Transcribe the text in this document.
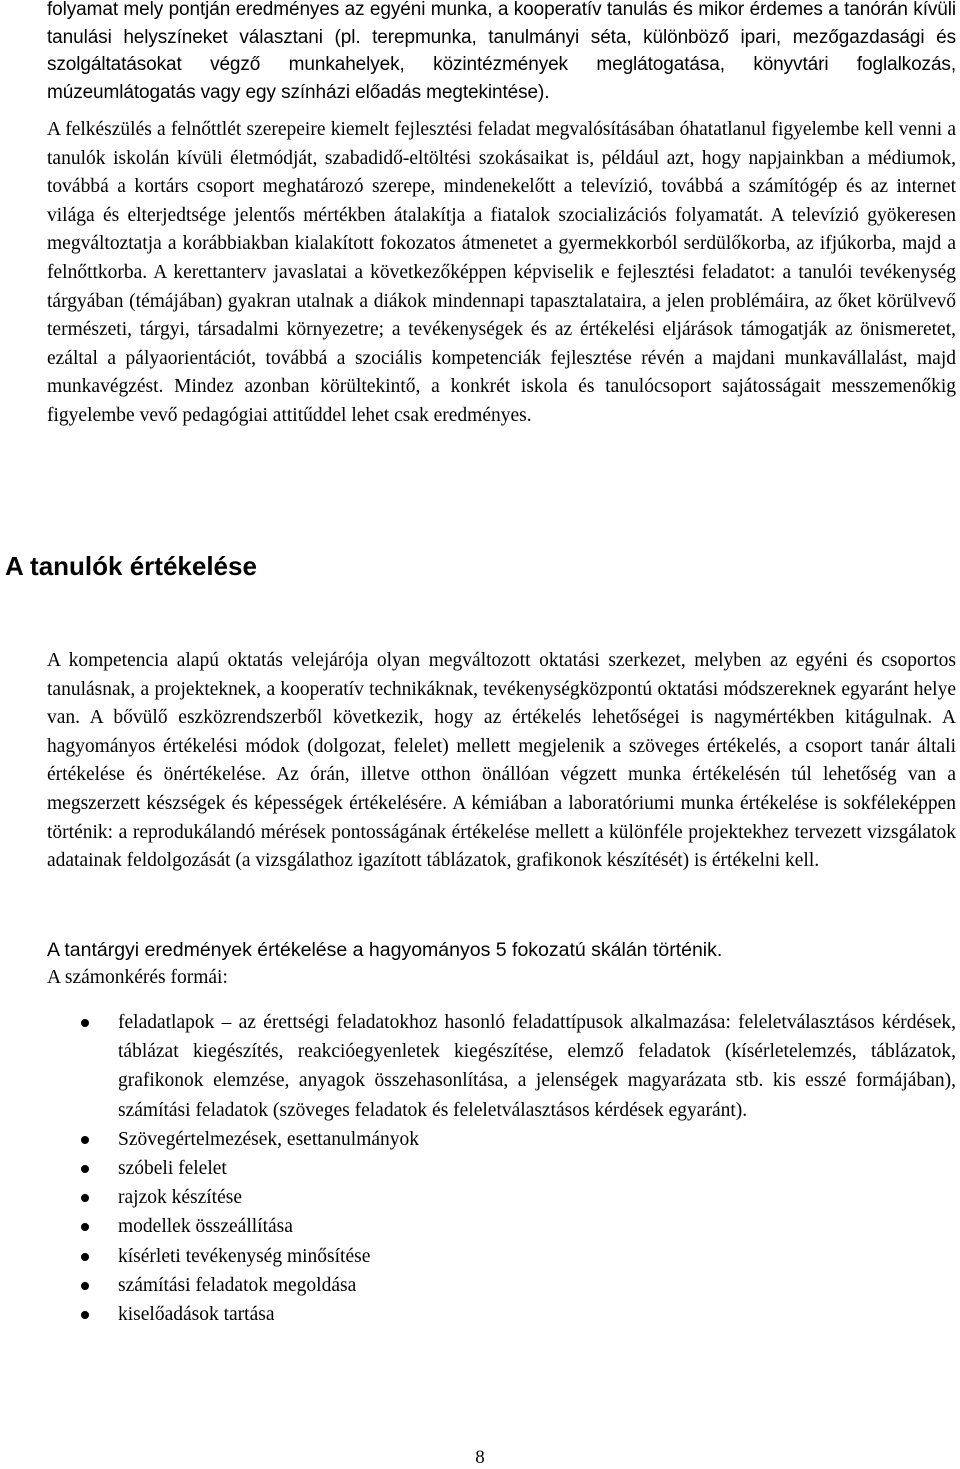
folyamat mely pontján eredményes az egyéni munka, a kooperatív tanulás és mikor érdemes a tanórán kívüli tanulási helyszíneket választani (pl. terepmunka, tanulmányi séta, különböző ipari, mezőgazdasági és szolgáltatásokat végző munkahelyek, közintézmények meglátogatása, könyvtári foglalkozás, múzeumlátogatás vagy egy színházi előadás megtekintése).

A felkészülés a felnőttlét szerepeire kiemelt fejlesztési feladat megvalósításában óhatatlanul figyelembe kell venni a tanulók iskolán kívüli életmódját, szabadidő-eltöltési szokásaikat is, például azt, hogy napjainkban a médiumok, továbbá a kortárs csoport meghatározó szerepe, mindenekelőtt a televízió, továbbá a számítógép és az internet világa és elterjedtsége jelentős mértékben átalakítja a fiatalok szocializációs folyamatát. A televízió gyökeresen megváltoztatja a korábbiakban kialakított fokozatos átmenetet a gyermekkorból serdülőkorba, az ifjúkorba, majd a felnőttkorba. A kerettanterv javaslatai a következőképpen képviselik e fejlesztési feladatot: a tanulói tevékenység tárgyában (témájában) gyakran utalnak a diákok mindennapi tapasztalataira, a jelen problémáira, az őket körülvevő természeti, tárgyi, társadalmi környezetre; a tevékenységek és az értékelési eljárások támogatják az önismeretet, ezáltal a pályaorientációt, továbbá a szociális kompetenciák fejlesztése révén a majdani munkavállalást, majd munkavégzést. Mindez azonban körültekintő, a konkrét iskola és tanulócsoport sajátosságait messzemenőkig figyelembe vevő pedagógiai attitűddel lehet csak eredményes.

A tanulók értékelése

A kompetencia alapú oktatás velejárója olyan megváltozott oktatási szerkezet, melyben az egyéni és csoportos tanulásnak, a projekteknek, a kooperatív technikáknak, tevékenységközpontú oktatási módszereknek egyaránt helye van. A bővülő eszközrendszerből következik, hogy az értékelés lehetőségei is nagymértékben kitágulnak. A hagyományos értékelési módok (dolgozat, felelet) mellett megjelenik a szöveges értékelés, a csoport tanár általi értékelése és önértékelése. Az órán, illetve otthon önállóan végzett munka értékelésén túl lehetőség van a megszerzett készségek és képességek értékelésére. A kémiában a laboratóriumi munka értékelése is sokféleképpen történik: a reprodukálandó mérések pontosságának értékelése mellett a különféle projektekhez tervezett vizsgálatok adatainak feldolgozását (a vizsgálathoz igazított táblázatok, grafikonok készítését) is értékelni kell.

A tantárgyi eredmények értékelése a hagyományos 5 fokozatú skálán történik.

A számonkérés formái:

feladatlapok – az érettségi feladatokhoz hasonló feladattípusok alkalmazása: feleletválasztásos kérdések, táblázat kiegészítés, reakcióegyenletek kiegészítése, elemző feladatok (kísérletelemzés, táblázatok, grafikonok elemzése, anyagok összehasonlítása, a jelenségek magyarázata stb. kis esszé formájában), számítási feladatok (szöveges feladatok és feleletválasztásos kérdések egyaránt).
Szövegértelmezések, esettanulmányok
szóbeli felelet
rajzok készítése
modellek összeállítása
kísérleti tevékenység minősítése
számítási feladatok megoldása
kiselőadások tartása
8
